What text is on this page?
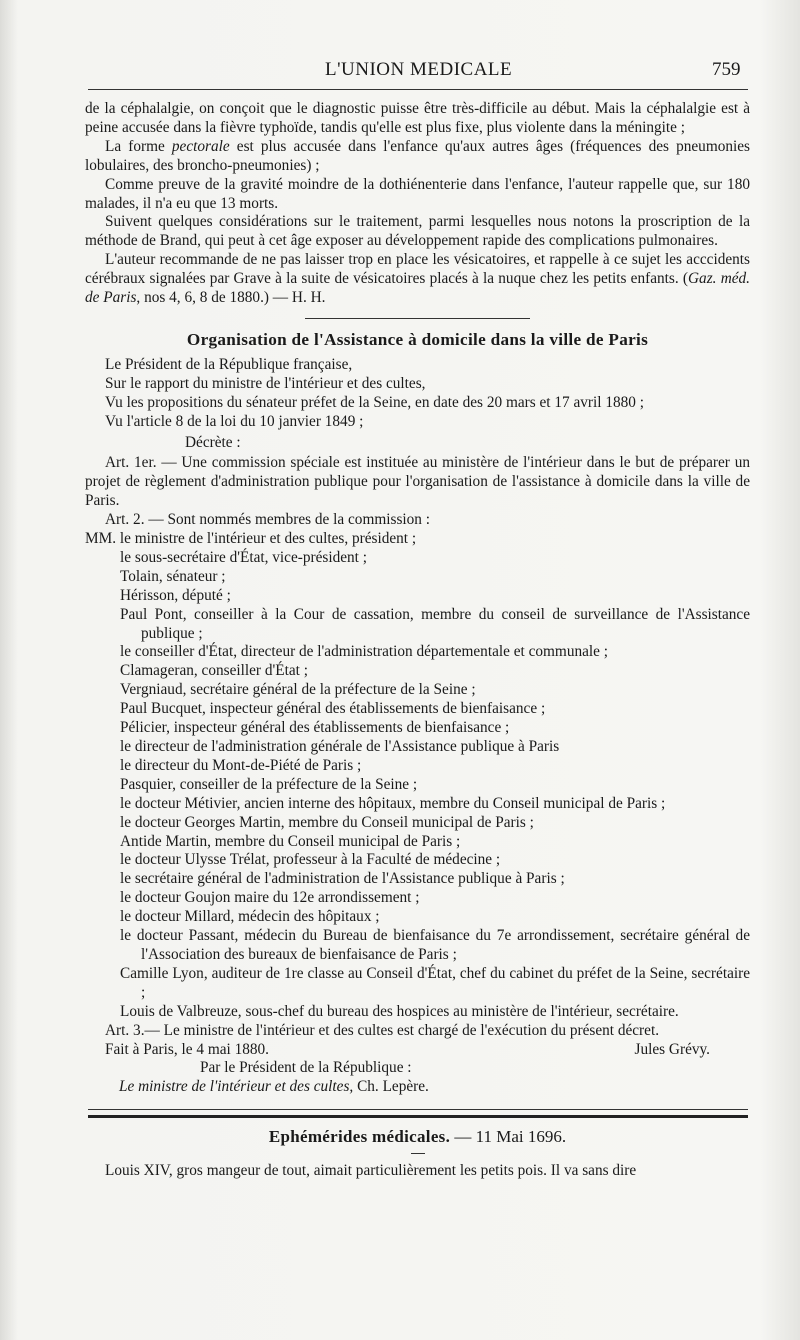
L'UNION MEDICALE	759

de la céphalalgie, on conçoit que le diagnostic puisse être très-difficile au début. Mais la céphalalgie est à peine accusée dans la fièvre typhoïde, tandis qu'elle est plus fixe, plus violente dans la méningite ;

La forme pectorale est plus accusée dans l'enfance qu'aux autres âges (fréquences des pneumonies lobulaires, des broncho-pneumonies) ;

Comme preuve de la gravité moindre de la dothiénenterie dans l'enfance, l'auteur rappelle que, sur 180 malades, il n'a eu que 13 morts.

Suivent quelques considérations sur le traitement, parmi lesquelles nous notons la proscription de la méthode de Brand, qui peut à cet âge exposer au développement rapide des complications pulmonaires.

L'auteur recommande de ne pas laisser trop en place les vésicatoires, et rappelle à ce sujet les acccidents cérébraux signalées par Grave à la suite de vésicatoires placés à la nuque chez les petits enfants. (Gaz. méd. de Paris, nos 4, 6, 8 de 1880.) — H. H.

Organisation de l'Assistance à domicile dans la ville de Paris

Le Président de la République française,

Sur le rapport du ministre de l'intérieur et des cultes,

Vu les propositions du sénateur préfet de la Seine, en date des 20 mars et 17 avril 1880 ;

Vu l'article 8 de la loi du 10 janvier 1849 ;

Décrète :

Art. 1er. — Une commission spéciale est instituée au ministère de l'intérieur dans le but de préparer un projet de règlement d'administration publique pour l'organisation de l'assistance à domicile dans la ville de Paris.

Art. 2. — Sont nommés membres de la commission :

MM. le ministre de l'intérieur et des cultes, président ;
le sous-secrétaire d'État, vice-président ;
Tolain, sénateur ;
Hérisson, député ;
Paul Pont, conseiller à la Cour de cassation, membre du conseil de surveillance de l'Assistance publique ;
le conseiller d'État, directeur de l'administration départementale et communale ;
Clamageran, conseiller d'État ;
Vergniaud, secrétaire général de la préfecture de la Seine ;
Paul Bucquet, inspecteur général des établissements de bienfaisance ;
Pélicier, inspecteur général des établissements de bienfaisance ;
le directeur de l'administration générale de l'Assistance publique à Paris
le directeur du Mont-de-Piété de Paris ;
Pasquier, conseiller de la préfecture de la Seine ;
le docteur Métivier, ancien interne des hôpitaux, membre du Conseil municipal de Paris ;
le docteur Georges Martin, membre du Conseil municipal de Paris ;
Antide Martin, membre du Conseil municipal de Paris ;
le docteur Ulysse Trélat, professeur à la Faculté de médecine ;
le secrétaire général de l'administration de l'Assistance publique à Paris ;
le docteur Goujon maire du 12e arrondissement ;
le docteur Millard, médecin des hôpitaux ;
le docteur Passant, médecin du Bureau de bienfaisance du 7e arrondissement, secrétaire général de l'Association des bureaux de bienfaisance de Paris ;
Camille Lyon, auditeur de 1re classe au Conseil d'État, chef du cabinet du préfet de la Seine, secrétaire ;
Louis de Valbreuze, sous-chef du bureau des hospices au ministère de l'intérieur, secrétaire.

Art. 3.— Le ministre de l'intérieur et des cultes est chargé de l'exécution du présent décret.

Fait à Paris, le 4 mai 1880.	Jules Grévy.

Par le Président de la République :

Le ministre de l'intérieur et des cultes, Ch. Lepère.

Ephémérides médicales. — 11 Mai 1696.

Louis XIV, gros mangeur de tout, aimait particulièrement les petits pois. Il va sans dire
